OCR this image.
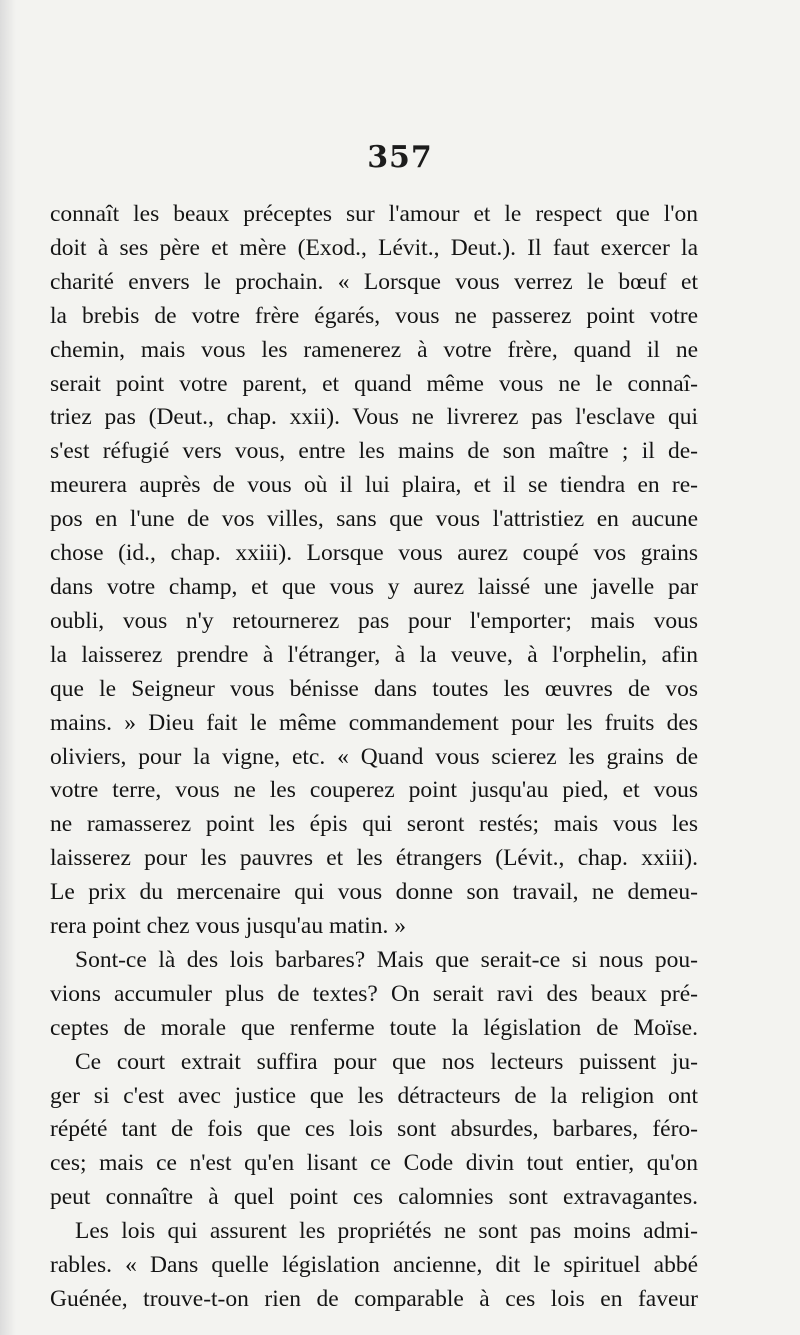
357

connaît les beaux préceptes sur l'amour et le respect que l'on
doit à ses père et mère (Exod., Lévit., Deut.). Il faut exercer la
charité envers le prochain. « Lorsque vous verrez le bœuf et
la brebis de votre frère égarés, vous ne passerez point votre
chemin, mais vous les ramenerez à votre frère, quand il ne
serait point votre parent, et quand même vous ne le connaî-
triez pas (Deut., chap. xxii). Vous ne livrerez pas l'esclave qui
s'est réfugié vers vous, entre les mains de son maître ; il de-
meurera auprès de vous où il lui plaira, et il se tiendra en re-
pos en l'une de vos villes, sans que vous l'attristiez en aucune
chose (id., chap. xxiii). Lorsque vous aurez coupé vos grains
dans votre champ, et que vous y aurez laissé une javelle par
oubli, vous n'y retournerez pas pour l'emporter; mais vous
la laisserez prendre à l'étranger, à la veuve, à l'orphelin, afin
que le Seigneur vous bénisse dans toutes les œuvres de vos
mains. » Dieu fait le même commandement pour les fruits des
oliviers, pour la vigne, etc. « Quand vous scierez les grains de
votre terre, vous ne les couperez point jusqu'au pied, et vous
ne ramasserez point les épis qui seront restés; mais vous les
laisserez pour les pauvres et les étrangers (Lévit., chap. xxiii).
Le prix du mercenaire qui vous donne son travail, ne demeu-
rera point chez vous jusqu'au matin. »

Sont-ce là des lois barbares? Mais que serait-ce si nous pou-
vions accumuler plus de textes? On serait ravi des beaux pré-
ceptes de morale que renferme toute la législation de Moïse.

Ce court extrait suffira pour que nos lecteurs puissent ju-
ger si c'est avec justice que les détracteurs de la religion ont
répété tant de fois que ces lois sont absurdes, barbares, féro-
ces; mais ce n'est qu'en lisant ce Code divin tout entier, qu'on
peut connaître à quel point ces calomnies sont extravagantes.

Les lois qui assurent les propriétés ne sont pas moins admi-
rables. « Dans quelle législation ancienne, dit le spirituel abbé
Guénée, trouve-t-on rien de comparable à ces lois en faveur
